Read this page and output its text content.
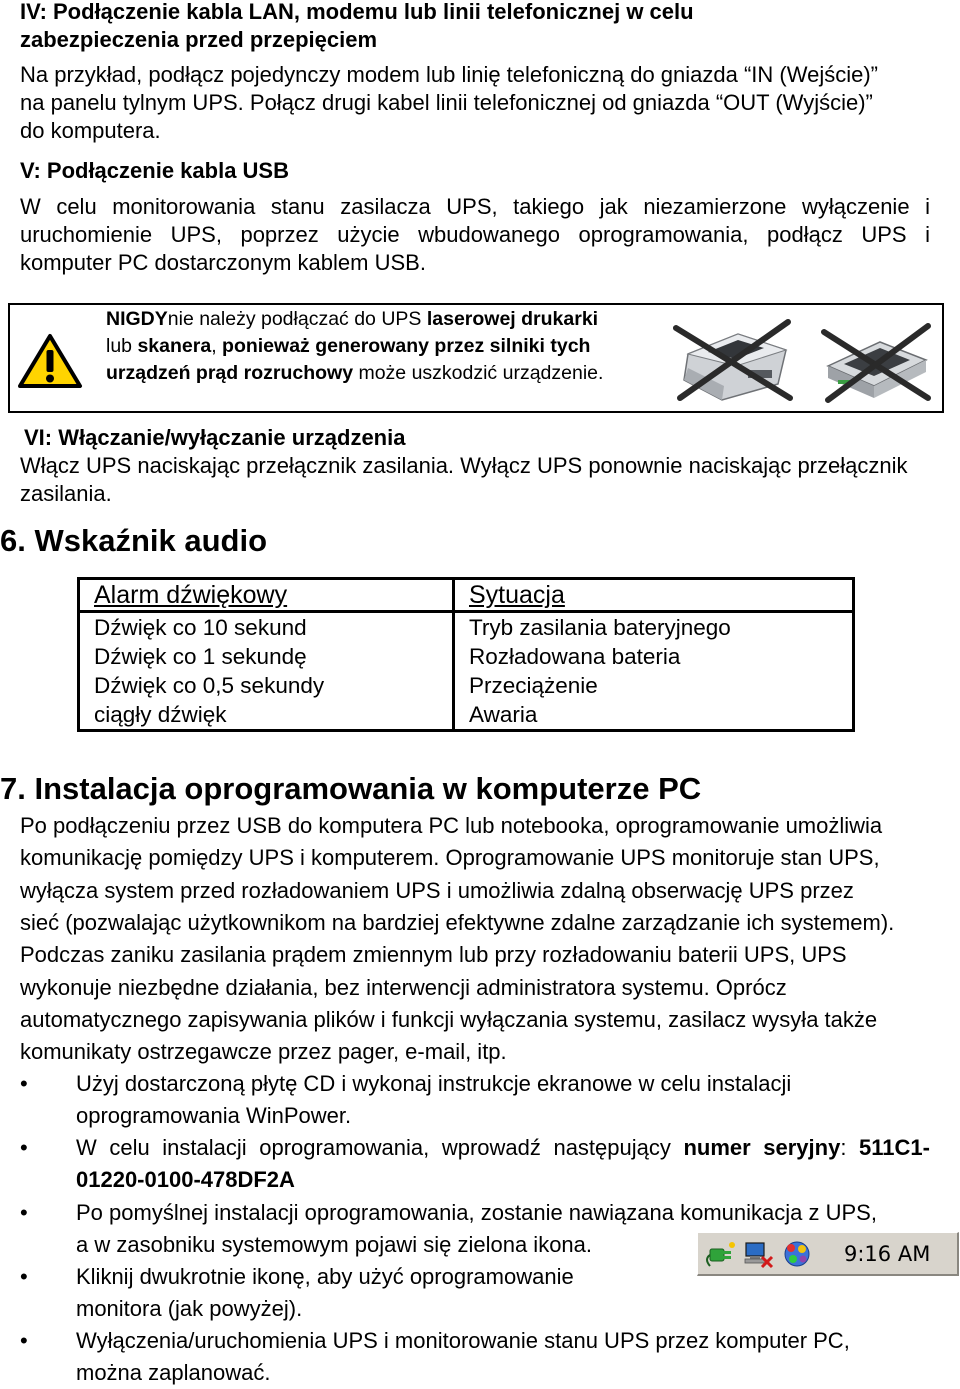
IV: Podłączenie kabla LAN, modemu lub linii telefonicznej w celu
zabezpieczenia przed przepięciem
Na przykład, podłącz pojedynczy modem lub linię telefoniczną do gniazda “IN (Wejście)”
na panelu tylnym UPS. Połącz drugi kabel linii telefonicznej od gniazda “OUT (Wyjście)”
do komputera.
V: Podłączenie kabla USB
W celu monitorowania stanu zasilacza UPS, takiego jak niezamierzone wyłączenie i
uruchomienie UPS, poprzez użycie wbudowanego oprogramowania, podłącz UPS i
komputer PC dostarczonym kablem USB.
NIGDYnie należy podłączać do UPS laserowej drukarki
lub skanera, ponieważ generowany przez silniki tych urządzeń prąd rozruchowy może uszkodzić urządzenie.
VI: Włączanie/wyłączanie urządzenia
Włącz UPS naciskając przełącznik zasilania. Wyłącz UPS ponownie naciskając przełącznik
zasilania.
6. Wskaźnik audio
Alarm dźwiękowy	Sytuacja
Dźwięk co 10 sekund	Tryb zasilania bateryjnego
Dźwięk co 1 sekundę	Rozładowana bateria
Dźwięk co 0,5 sekundy	Przeciążenie
ciągły dźwięk	Awaria
7. Instalacja oprogramowania w komputerze PC
Po podłączeniu przez USB do komputera PC lub notebooka, oprogramowanie umożliwia
komunikację pomiędzy UPS i komputerem. Oprogramowanie UPS monitoruje stan UPS,
wyłącza system przed rozładowaniem UPS i umożliwia zdalną obserwację UPS przez
sieć (pozwalając użytkownikom na bardziej efektywne zdalne zarządzanie ich systemem).
Podczas zaniku zasilania prądem zmiennym lub przy rozładowaniu baterii UPS, UPS
wykonuje niezbędne działania, bez interwencji administratora systemu. Oprócz
automatycznego zapisywania plików i funkcji wyłączania systemu, zasilacz wysyła także
komunikaty ostrzegawcze przez pager, e-mail, itp.
• Użyj dostarczoną płytę CD i wykonaj instrukcje ekranowe w celu instalacji
oprogramowania WinPower.
• W celu instalacji oprogramowania, wprowadź następujący numer seryjny: 511C1-
01220-0100-478DF2A
• Po pomyślnej instalacji oprogramowania, zostanie nawiązana komunikacja z UPS,
a w zasobniku systemowym pojawi się zielona ikona.
• Kliknij dwukrotnie ikonę, aby użyć oprogramowanie
monitora (jak powyżej).
• Wyłączenia/uruchomienia UPS i monitorowanie stanu UPS przez komputer PC,
można zaplanować.
9:16 AM
